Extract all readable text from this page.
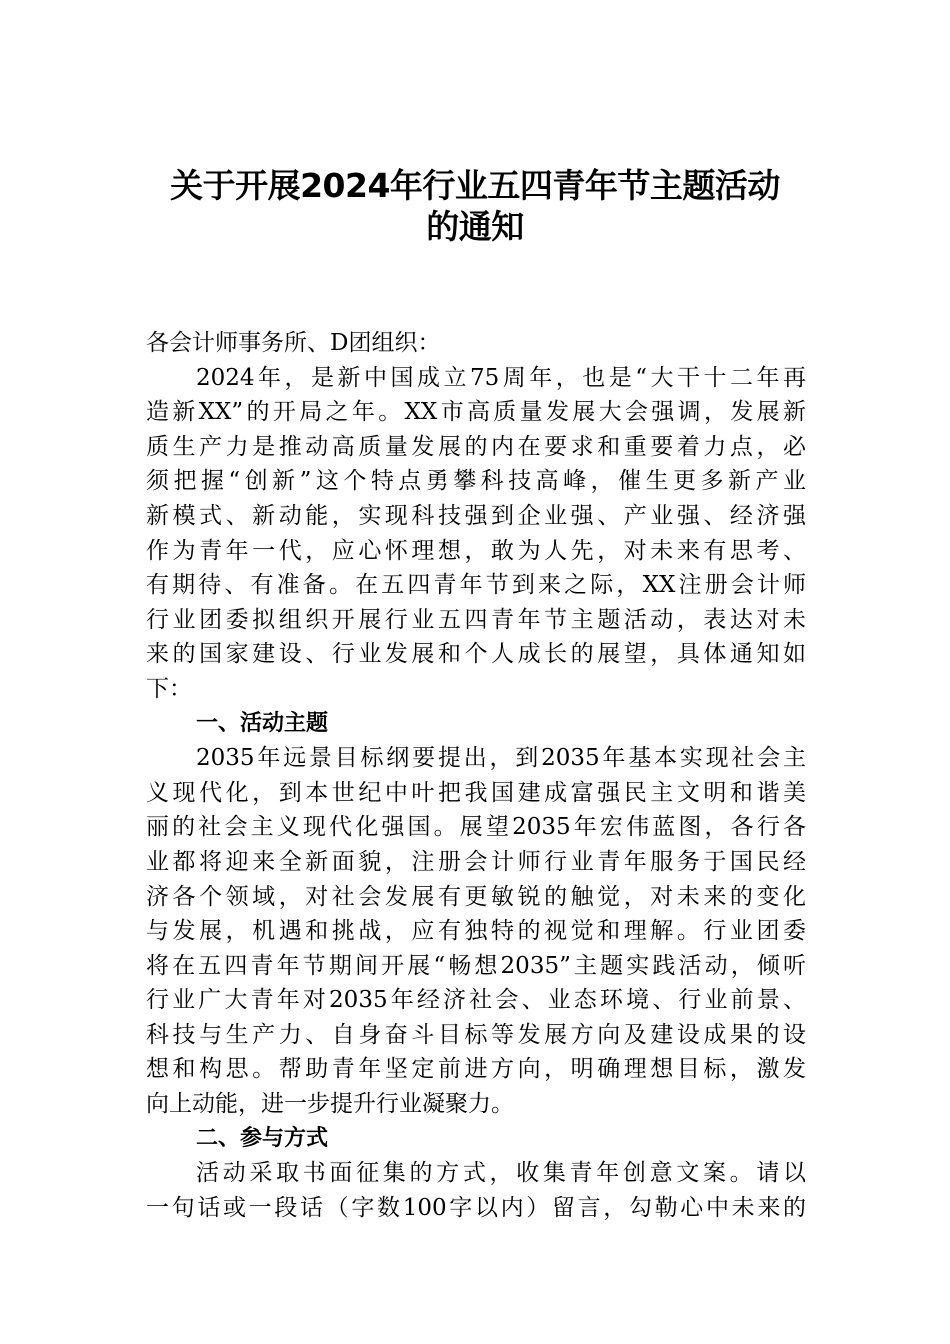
关于开展2024年行业五四青年节主题活动
的通知
各会计师事务所、D团组织：
2024年，是新中国成立75周年，也是“大干十二年再
造新XX”的开局之年。XX市高质量发展大会强调，发展新
质生产力是推动高质量发展的内在要求和重要着力点，必
须把握“创新”这个特点勇攀科技高峰，催生更多新产业
新模式、新动能，实现科技强到企业强、产业强、经济强
作为青年一代，应心怀理想，敢为人先，对未来有思考、
有期待、有准备。在五四青年节到来之际，XX注册会计师
行业团委拟组织开展行业五四青年节主题活动，表达对未
来的国家建设、行业发展和个人成长的展望，具体通知如
下：
一、活动主题
2035年远景目标纲要提出，到2035年基本实现社会主
义现代化，到本世纪中叶把我国建成富强民主文明和谐美
丽的社会主义现代化强国。展望2035年宏伟蓝图，各行各
业都将迎来全新面貌，注册会计师行业青年服务于国民经
济各个领域，对社会发展有更敏锐的触觉，对未来的变化
与发展，机遇和挑战，应有独特的视觉和理解。行业团委
将在五四青年节期间开展“畅想2035”主题实践活动，倾听
行业广大青年对2035年经济社会、业态环境、行业前景、
科技与生产力、自身奋斗目标等发展方向及建设成果的设
想和构思。帮助青年坚定前进方向，明确理想目标，激发
向上动能，进一步提升行业凝聚力。
二、参与方式
活动采取书面征集的方式，收集青年创意文案。请以
一句话或一段话（字数100字以内）留言，勾勒心中未来的
